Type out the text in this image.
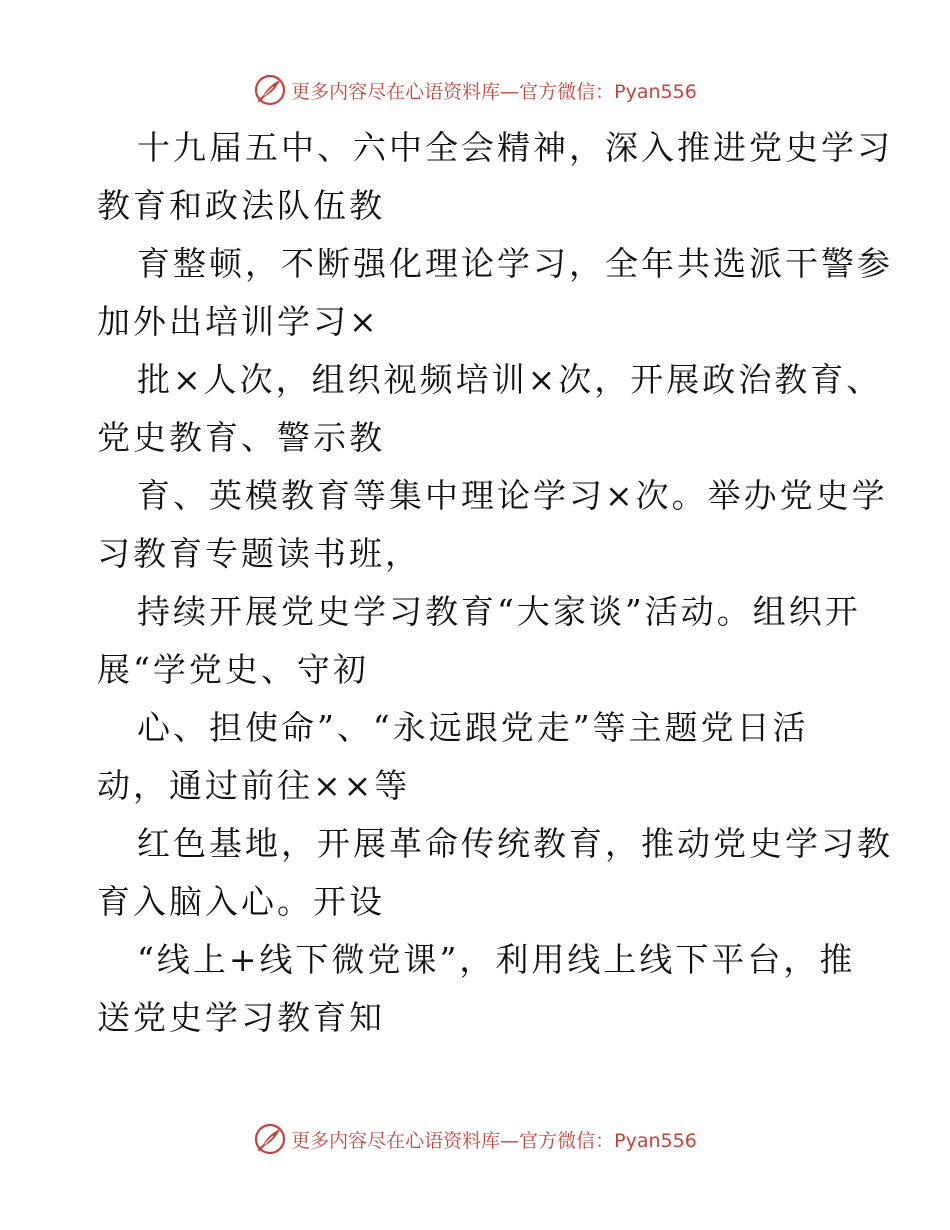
更多内容尽在心语资料库—官方微信：Pyan556
十九届五中、六中全会精神，深入推进党史学习
教育和政法队伍教
育整顿，不断强化理论学习，全年共选派干警参
加外出培训学习×
批×人次，组织视频培训×次，开展政治教育、
党史教育、警示教
育、英模教育等集中理论学习×次。举办党史学
习教育专题读书班，
持续开展党史学习教育“大家谈”活动。组织开
展“学党史、守初
心、担使命”、“永远跟党走”等主题党日活
动，通过前往××等
红色基地，开展革命传统教育，推动党史学习教
育入脑入心。开设
“线上+线下微党课”，利用线上线下平台，推
送党史学习教育知
更多内容尽在心语资料库—官方微信：Pyan556
